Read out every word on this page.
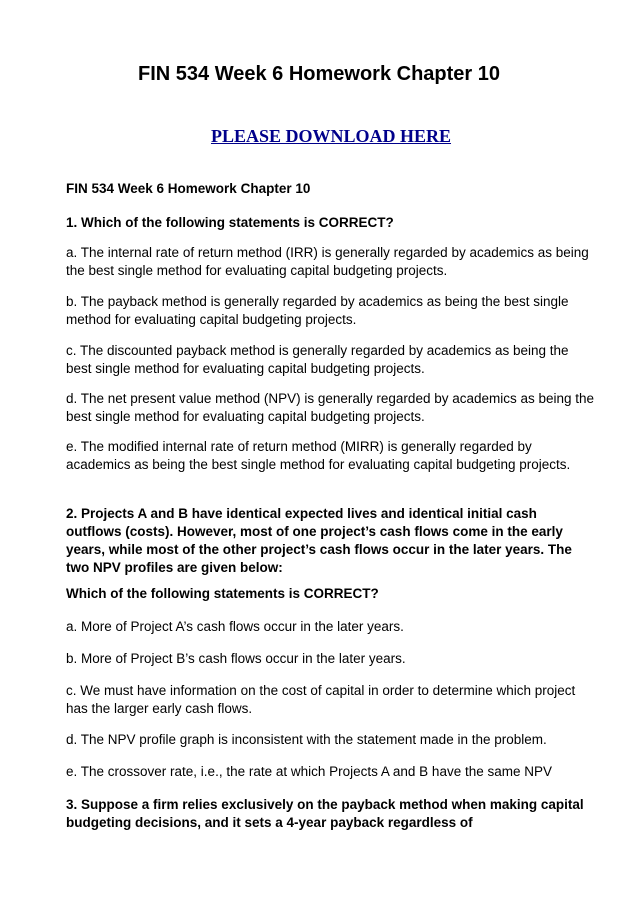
FIN 534 Week 6 Homework Chapter 10
PLEASE DOWNLOAD HERE

FIN 534 Week 6 Homework Chapter 10

1. Which of the following statements is CORRECT?

a. The internal rate of return method (IRR) is generally regarded by academics as being the best single method for evaluating capital budgeting projects.

b. The payback method is generally regarded by academics as being the best single method for evaluating capital budgeting projects.

c. The discounted payback method is generally regarded by academics as being the best single method for evaluating capital budgeting projects.

d. The net present value method (NPV) is generally regarded by academics as being the best single method for evaluating capital budgeting projects.

e. The modified internal rate of return method (MIRR) is generally regarded by academics as being the best single method for evaluating capital budgeting projects.

2. Projects A and B have identical expected lives and identical initial cash outflows (costs). However, most of one project’s cash flows come in the early years, while most of the other project’s cash flows occur in the later years. The two NPV profiles are given below:

Which of the following statements is CORRECT?

a. More of Project A’s cash flows occur in the later years.

b. More of Project B’s cash flows occur in the later years.

c. We must have information on the cost of capital in order to determine which project has the larger early cash flows.

d. The NPV profile graph is inconsistent with the statement made in the problem.

e. The crossover rate, i.e., the rate at which Projects A and B have the same NPV

3. Suppose a firm relies exclusively on the payback method when making capital budgeting decisions, and it sets a 4-year payback regardless of
